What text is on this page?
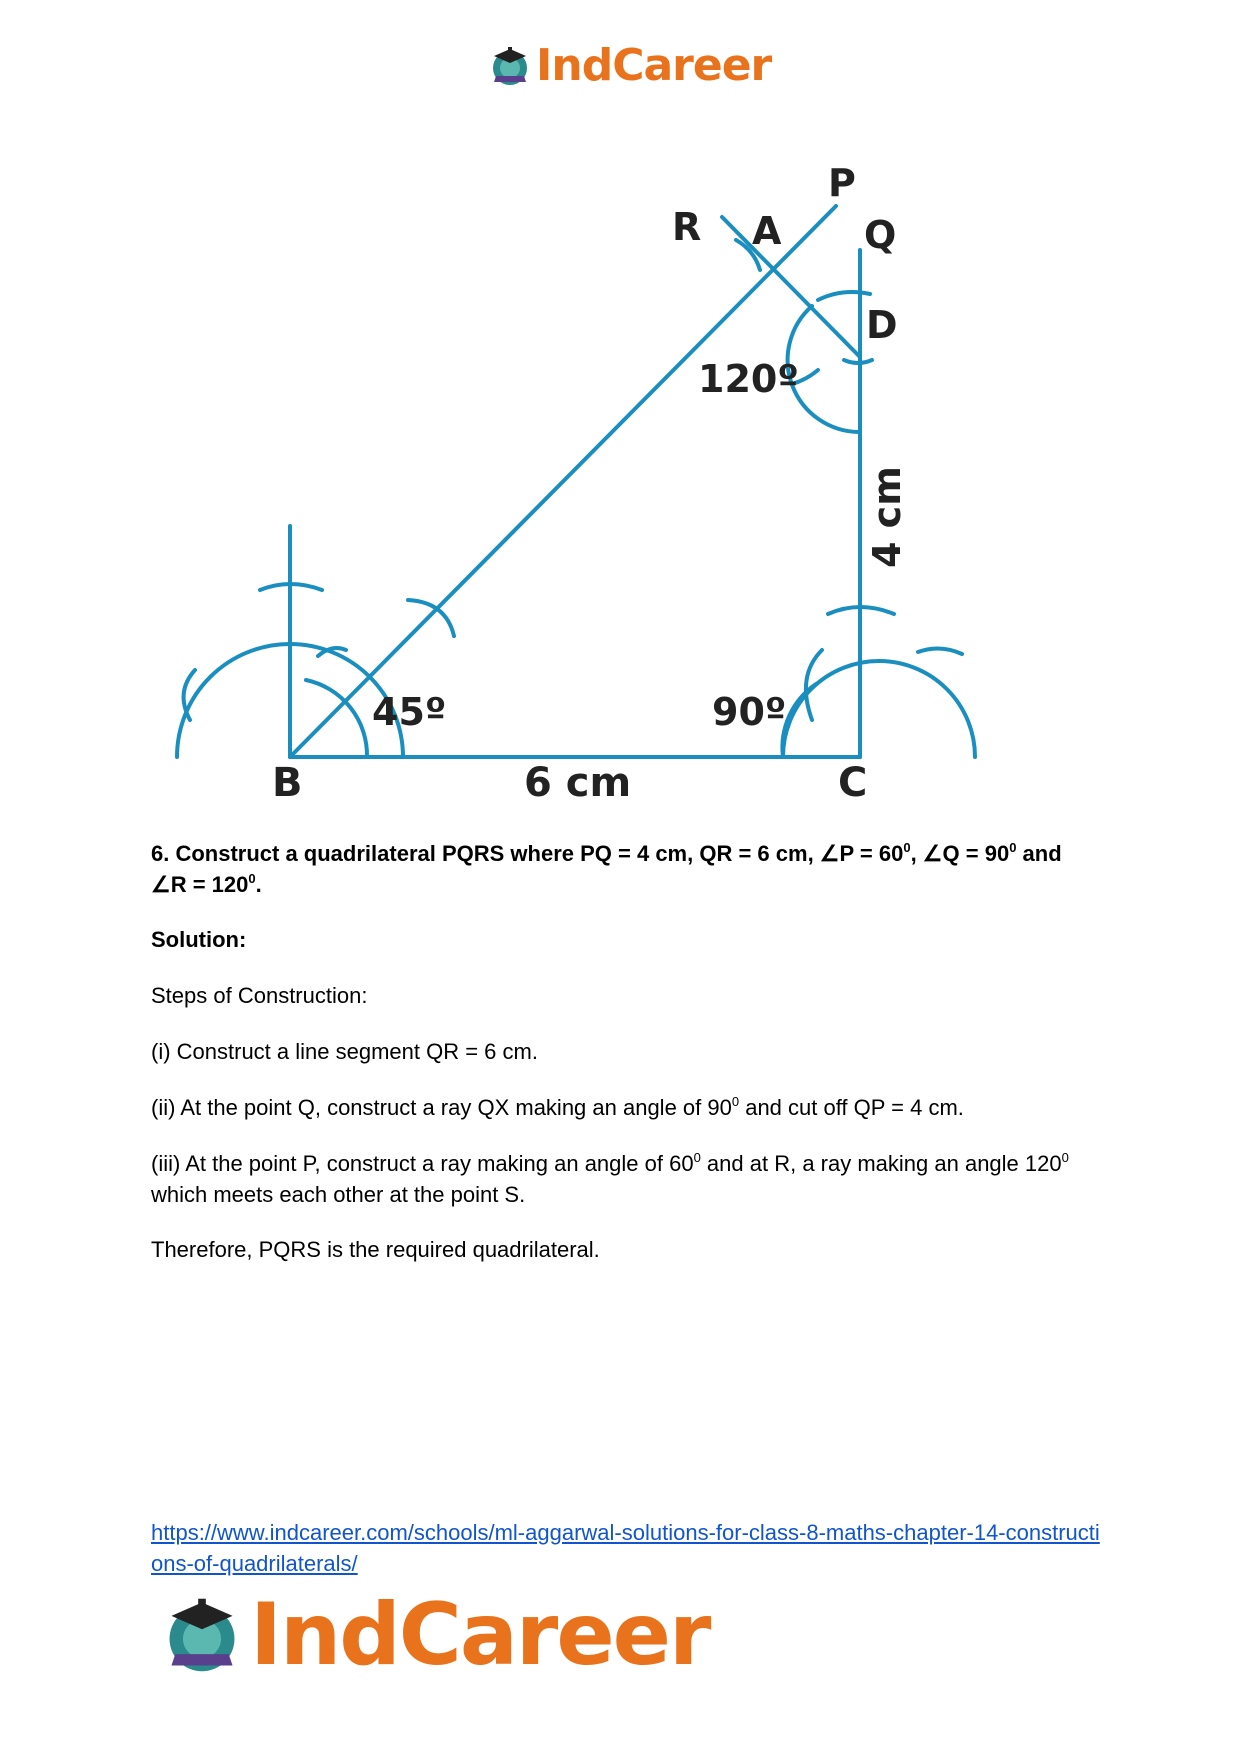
IndCareer
P
R A Q
D
120º
45º	90º
B	6 cm	C
4 cm
6. Construct a quadrilateral PQRS where PQ = 4 cm, QR = 6 cm, ∠P = $60^0$, ∠Q = $90^0$ and ∠R = $120^0$.
Solution:
Steps of Construction:
(i) Construct a line segment QR = 6 cm.
(ii) At the point Q, construct a ray QX making an angle of $90^0$ and cut off QP = 4 cm.
(iii) At the point P, construct a ray making an angle of $60^0$ and at R, a ray making an angle $120^0$ which meets each other at the point S.
Therefore, PQRS is the required quadrilateral.
https://www.indcareer.com/schools/ml-aggarwal-solutions-for-class-8-maths-chapter-14-constructions-of-quadrilaterals/
IndCareer
